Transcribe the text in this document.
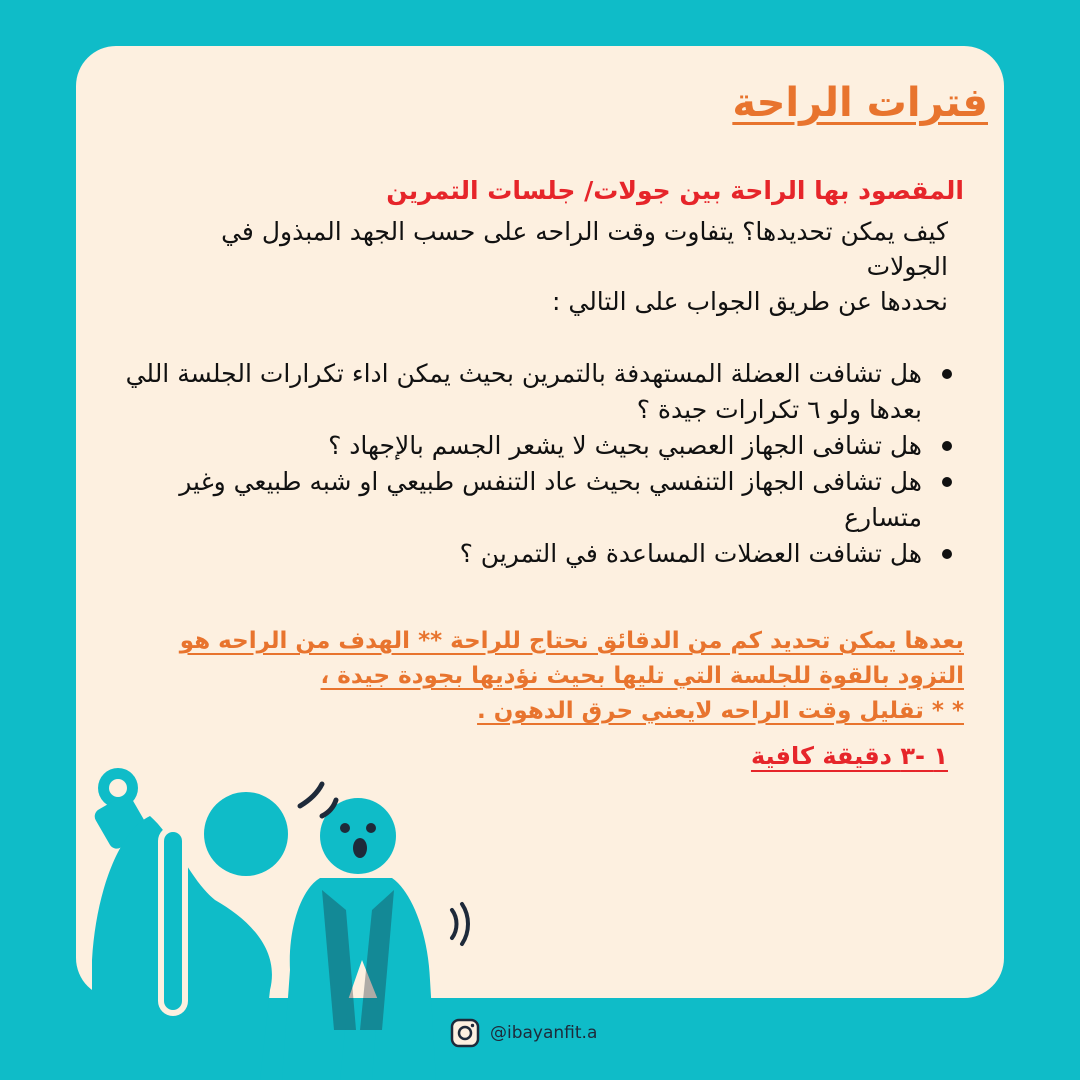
فترات الراحة
المقصود بها الراحة بين جولات/ جلسات التمرين

كيف يمكن تحديدها؟ يتفاوت وقت الراحه على حسب الجهد المبذول في الجولات

نحددها عن طريق الجواب على التالي :

هل تشافت العضلة المستهدفة بالتمرين بحيث يمكن اداء تكرارات الجلسة اللي بعدها ولو ٦ تكرارات جيدة ؟
هل تشافى الجهاز العصبي بحيث لا يشعر الجسم بالإجهاد ؟
هل تشافى الجهاز التنفسي بحيث عاد التنفس طبيعي او شبه طبيعي وغير متسارع
هل تشافت العضلات المساعدة في التمرين ؟

بعدها يمكن تحديد كم من الدقائق نحتاج للراحة ** الهدف من الراحه هو التزود بالقوة للجلسة التي تليها بحيث نؤديها بجودة جيدة ،

* * تقليل وقت الراحه لايعني حرق الدهون .

١ -٣ دقيقة كافية
@ibayanfit.a
